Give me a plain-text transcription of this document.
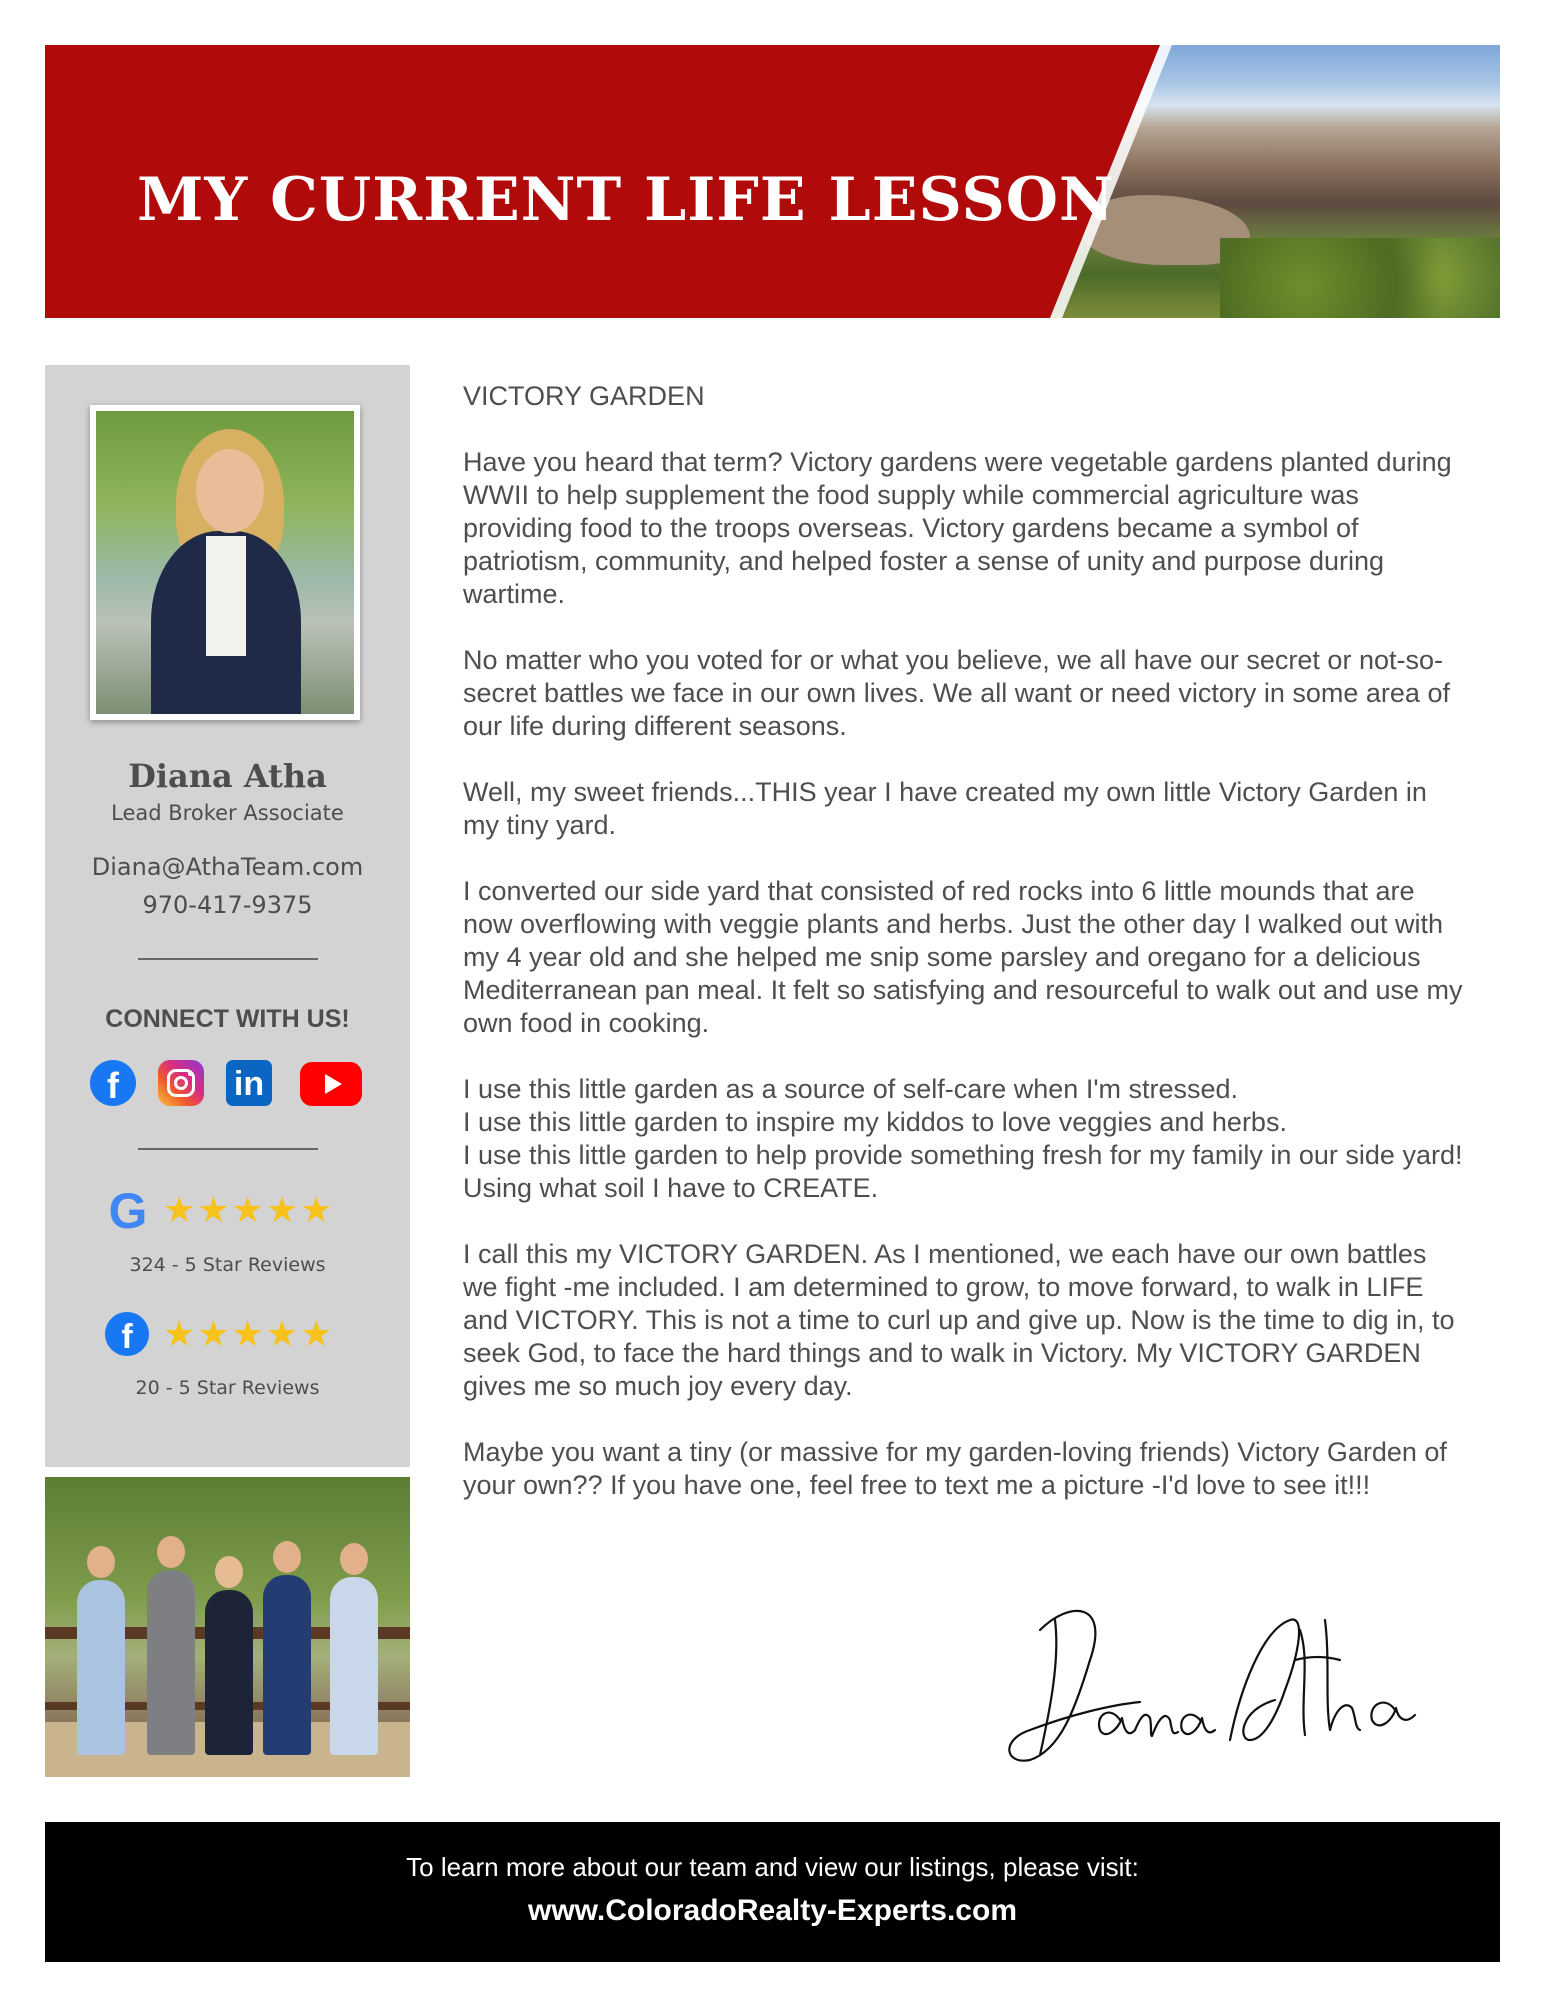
MY CURRENT LIFE LESSON
Diana Atha
Lead Broker Associate
Diana@AthaTeam.com
970-417-9375
CONNECT WITH US!
f	in
G ★★★★★
324 - 5 Star Reviews
f ★★★★★
20 - 5 Star Reviews
VICTORY GARDEN

Have you heard that term? Victory gardens were vegetable gardens planted during WWII to help supplement the food supply while commercial agriculture was providing food to the troops overseas. Victory gardens became a symbol of patriotism, community, and helped foster a sense of unity and purpose during wartime.

No matter who you voted for or what you believe, we all have our secret or not-so-secret battles we face in our own lives. We all want or need victory in some area of our life during different seasons.

Well, my sweet friends...THIS year I have created my own little Victory Garden in my tiny yard.

I converted our side yard that consisted of red rocks into 6 little mounds that are now overflowing with veggie plants and herbs. Just the other day I walked out with my 4 year old and she helped me snip some parsley and oregano for a delicious Mediterranean pan meal. It felt so satisfying and resourceful to walk out and use my own food in cooking.

I use this little garden as a source of self-care when I'm stressed.
I use this little garden to inspire my kiddos to love veggies and herbs.
I use this little garden to help provide something fresh for my family in our side yard! Using what soil I have to CREATE.

I call this my VICTORY GARDEN. As I mentioned, we each have our own battles we fight -me included. I am determined to grow, to move forward, to walk in LIFE and VICTORY. This is not a time to curl up and give up. Now is the time to dig in, to seek God, to face the hard things and to walk in Victory. My VICTORY GARDEN gives me so much joy every day.

Maybe you want a tiny (or massive for my garden-loving friends) Victory Garden of your own?? If you have one, feel free to text me a picture -I'd love to see it!!!

To learn more about our team and view our listings, please visit:
www.ColoradoRealty-Experts.com
